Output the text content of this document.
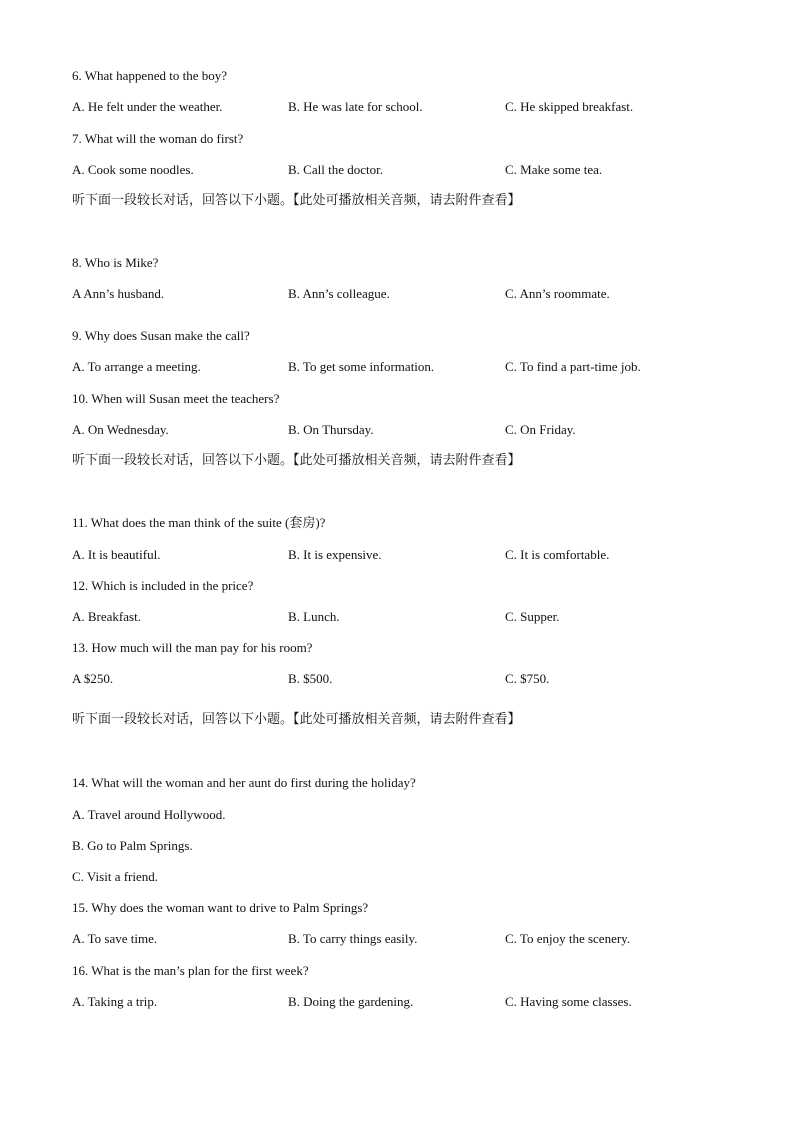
6. What happened to the boy?
A. He felt under the weather.	B. He was late for school.	C. He skipped breakfast.
7. What will the woman do first?
A. Cook some noodles.	B. Call the doctor.	C. Make some tea.
听下面一段较长对话，回答以下小题。【此处可播放相关音频，请去附件查看】
8. Who is Mike?
A Ann’s husband.	B. Ann’s colleague.	C. Ann’s roommate.
9. Why does Susan make the call?
A. To arrange a meeting.	B. To get some information.	C. To find a part-time job.
10. When will Susan meet the teachers?
A. On Wednesday.	B. On Thursday.	C. On Friday.
听下面一段较长对话，回答以下小题。【此处可播放相关音频，请去附件查看】
11. What does the man think of the suite (套房)?
A. It is beautiful.	B. It is expensive.	C. It is comfortable.
12. Which is included in the price?
A. Breakfast.	B. Lunch.	C. Supper.
13. How much will the man pay for his room?
A $250.	B. $500.	C. $750.
听下面一段较长对话，回答以下小题。【此处可播放相关音频，请去附件查看】
14. What will the woman and her aunt do first during the holiday?
A. Travel around Hollywood.
B. Go to Palm Springs.
C. Visit a friend.
15. Why does the woman want to drive to Palm Springs?
A. To save time.	B. To carry things easily.	C. To enjoy the scenery.
16. What is the man’s plan for the first week?
A. Taking a trip.	B. Doing the gardening.	C. Having some classes.
